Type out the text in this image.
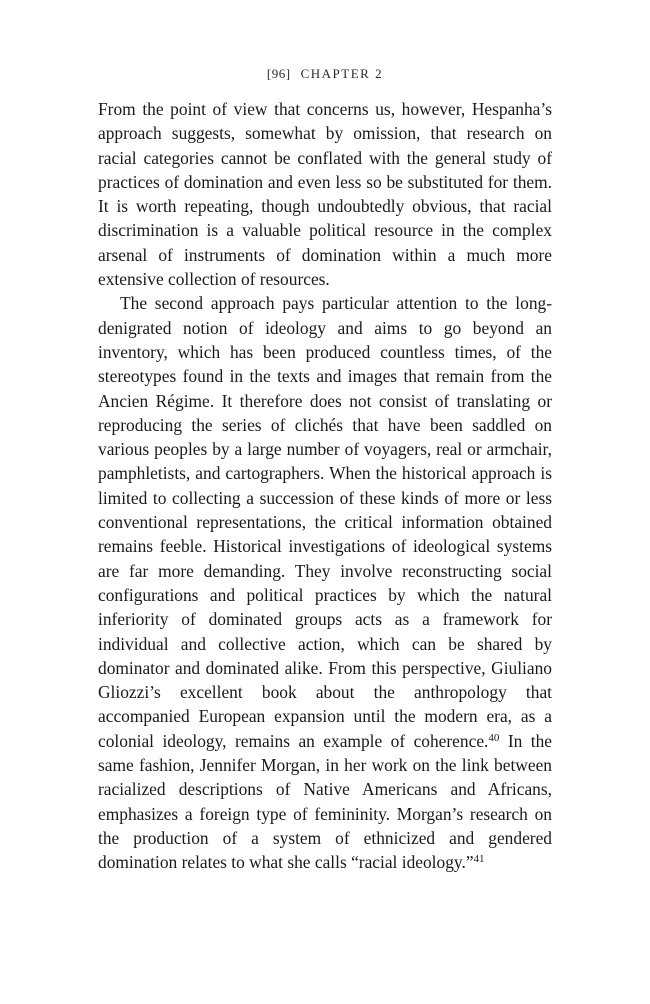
[96] CHAPTER 2

From the point of view that concerns us, however, Hespanha’s approach suggests, somewhat by omission, that research on racial categories cannot be conflated with the general study of practices of domination and even less so be substituted for them. It is worth repeating, though undoubtedly obvious, that racial discrimination is a valuable political resource in the complex arsenal of instruments of domination within a much more extensive collection of resources.

The second approach pays particular attention to the long-denigrated notion of ideology and aims to go beyond an inventory, which has been produced countless times, of the stereotypes found in the texts and images that remain from the Ancien Régime. It therefore does not consist of translating or reproducing the series of clichés that have been saddled on various peoples by a large number of voyagers, real or armchair, pamphletists, and cartographers. When the historical approach is limited to collecting a succession of these kinds of more or less conventional representations, the critical information obtained remains feeble. Historical investigations of ideological systems are far more demanding. They involve reconstructing social configurations and political practices by which the natural inferiority of dominated groups acts as a framework for individual and collective action, which can be shared by dominator and dominated alike. From this perspective, Giuliano Gliozzi’s excellent book about the anthropology that accompanied European expansion until the modern era, as a colonial ideology, remains an example of coherence.$^{40}$ In the same fashion, Jennifer Morgan, in her work on the link between racialized descriptions of Native Americans and Africans, emphasizes a foreign type of femininity. Morgan’s research on the production of a system of ethnicized and gendered domination relates to what she calls “racial ideology.”$^{41}$
